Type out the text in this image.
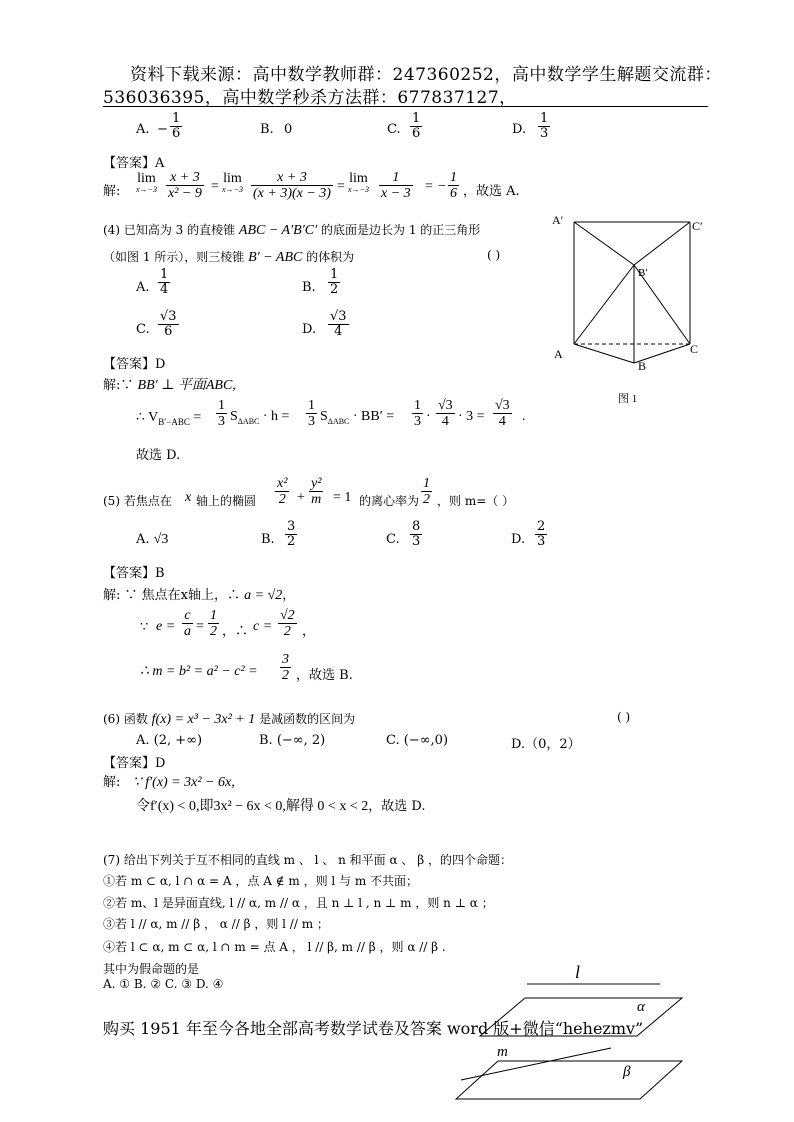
资料下载来源：高中数学教师群：247360252，高中数学学生解题交流群：
536036395，高中数学秒杀方法群：677837127，
A. − $\frac{1}{6}$	B. 0	C. $\frac{1}{6}$	D. $\frac{1}{3}$
【答案】A
解:
lim
$x\to-3 \frac{x + 3}{\text{x² − 9}}$ =
lim
$x\to-3 \frac{x + 3}{(x + 3)(x - 3)}$ =
lim
$x\to-3 \frac{1}{x - 3}$ = − $\frac{1}{6}$ ，故选 A.
(4) 已知高为 3 的直棱锥 ABC − A′B′C′ 的底面是边长为 1 的正三角形
（如图 1 所示），则三棱锥 B′ − ABC 的体积为	( )
A. $\frac{1}{4}$	B. $\frac{1}{2}$
C. $\frac{√3}{6}$	D. $\frac{√3}{4}$
【答案】D
解:∵ BB′ ⊥ 平面ABC,
∴ $V_{B'-ABC} = \frac{1}{3} S_{\Delta ABC} \cdot h = \frac{1}{3} S_{\Delta ABC} \cdot BB' = \frac{1}{3} \cdot \frac{√3}{4} \cdot 3 = \frac{√3}{4}$ .
故选 D.
A′	C′
B′
A
B
C
图 1
(5) 若焦点在 x 轴上的椭圆 $\frac{\text{x²}}{2} + \frac{\text{y²}}{m} = 1$ 的离心率为 $\frac{1}{2}$ ，则 m=（ ）
A. √3	B. $\frac{3}{2}$	C. $\frac{8}{3}$	D. $\frac{2}{3}$
【答案】B
解: ∵ 焦点在x轴上，∴ a = √2，
∵ $e = \frac{c}{a} = \frac{1}{2}$ ，∴ $c = \frac{√2}{2}$ ，
∴ $m = b^2 = a^2 - c^2 = \frac{3}{2}$ ，故选 B.
(6) 函数 f(x) = x³ − 3x² + 1 是减函数的区间为	( )
A. (2, +∞)	B. (−∞, 2)	C. (−∞,0)	D.（0，2）
【答案】D
解: ∵ f′(x) = 3x² − 6x,
令f′(x) < 0,即3x² − 6x < 0,解得 0 < x < 2，故选 D.
(7) 给出下列关于互不相同的直线 m 、 l 、 n 和平面 α 、 β ，的四个命题：
①若 m ⊂ α, l ∩ α = A ，点 A ∉ m ，则 l 与 m 不共面；
②若 m、l 是异面直线, l // α, m // α ，且 n ⊥ l , n ⊥ m ，则 n ⊥ α ；
③若 l // α, m // β ， α // β ，则 l // m ；
④若 l ⊂ α, m ⊂ α, l ∩ m = 点 A ， l // β, m // β ，则 α // β .
其中为假命题的是
A. ① B. ② C. ③ D. ④
l
α
β
m
购买 1951 年至今各地全部高考数学试卷及答案 word 版+微信“hehezmv”
